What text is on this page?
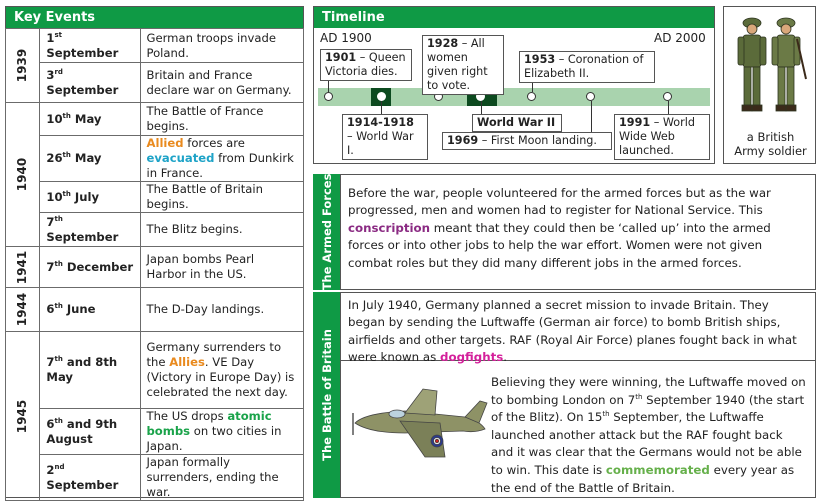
Key Events
1939	1st September	German troops invade Poland.
	3rd September	Britain and France declare war on Germany.
1940	10th May	The Battle of France begins.
	26th May	Allied forces are evacuated from Dunkirk in France.
	10th July	The Battle of Britain begins.
	7th September	The Blitz begins.
1941	7th December	Japan bombs Pearl Harbor in the US.
1944	6th June	The D-Day landings.
1945	7th and 8th May	Germany surrenders to the Allies. VE Day (Victory in Europe Day) is celebrated the next day.
	6th and 9th August	The US drops atomic bombs on two cities in Japan.
	2nd September	Japan formally surrenders, ending the war.
Timeline
AD 1900	AD 2000
1901 – Queen Victoria dies.
1928 – All women given right to vote.
1953 – Coronation of Elizabeth II.
1914-1918 – World War I.
World War II
1969 – First Moon landing.
1991 – World Wide Web launched.
a British Army soldier
The Armed Forces	Before the war, people volunteered for the armed forces but as the war progressed, men and women had to register for National Service. This conscription meant that they could then be ‘called up’ into the armed forces or into other jobs to help the war effort. Women were not given combat roles but they did many different jobs in the armed forces.
The Battle of Britain
In July 1940, Germany planned a secret mission to invade Britain. They began by sending the Luftwaffe (German air force) to bomb British ships, airfields and other targets. RAF (Royal Air Force) planes fought back in what were known as dogfights.
Believing they were winning, the Luftwaffe moved on to bombing London on 7th September 1940 (the start of the Blitz). On 15th September, the Luftwaffe launched another attack but the RAF fought back and it was clear that the Germans would not be able to win. This date is commemorated every year as the end of the Battle of Britain.
